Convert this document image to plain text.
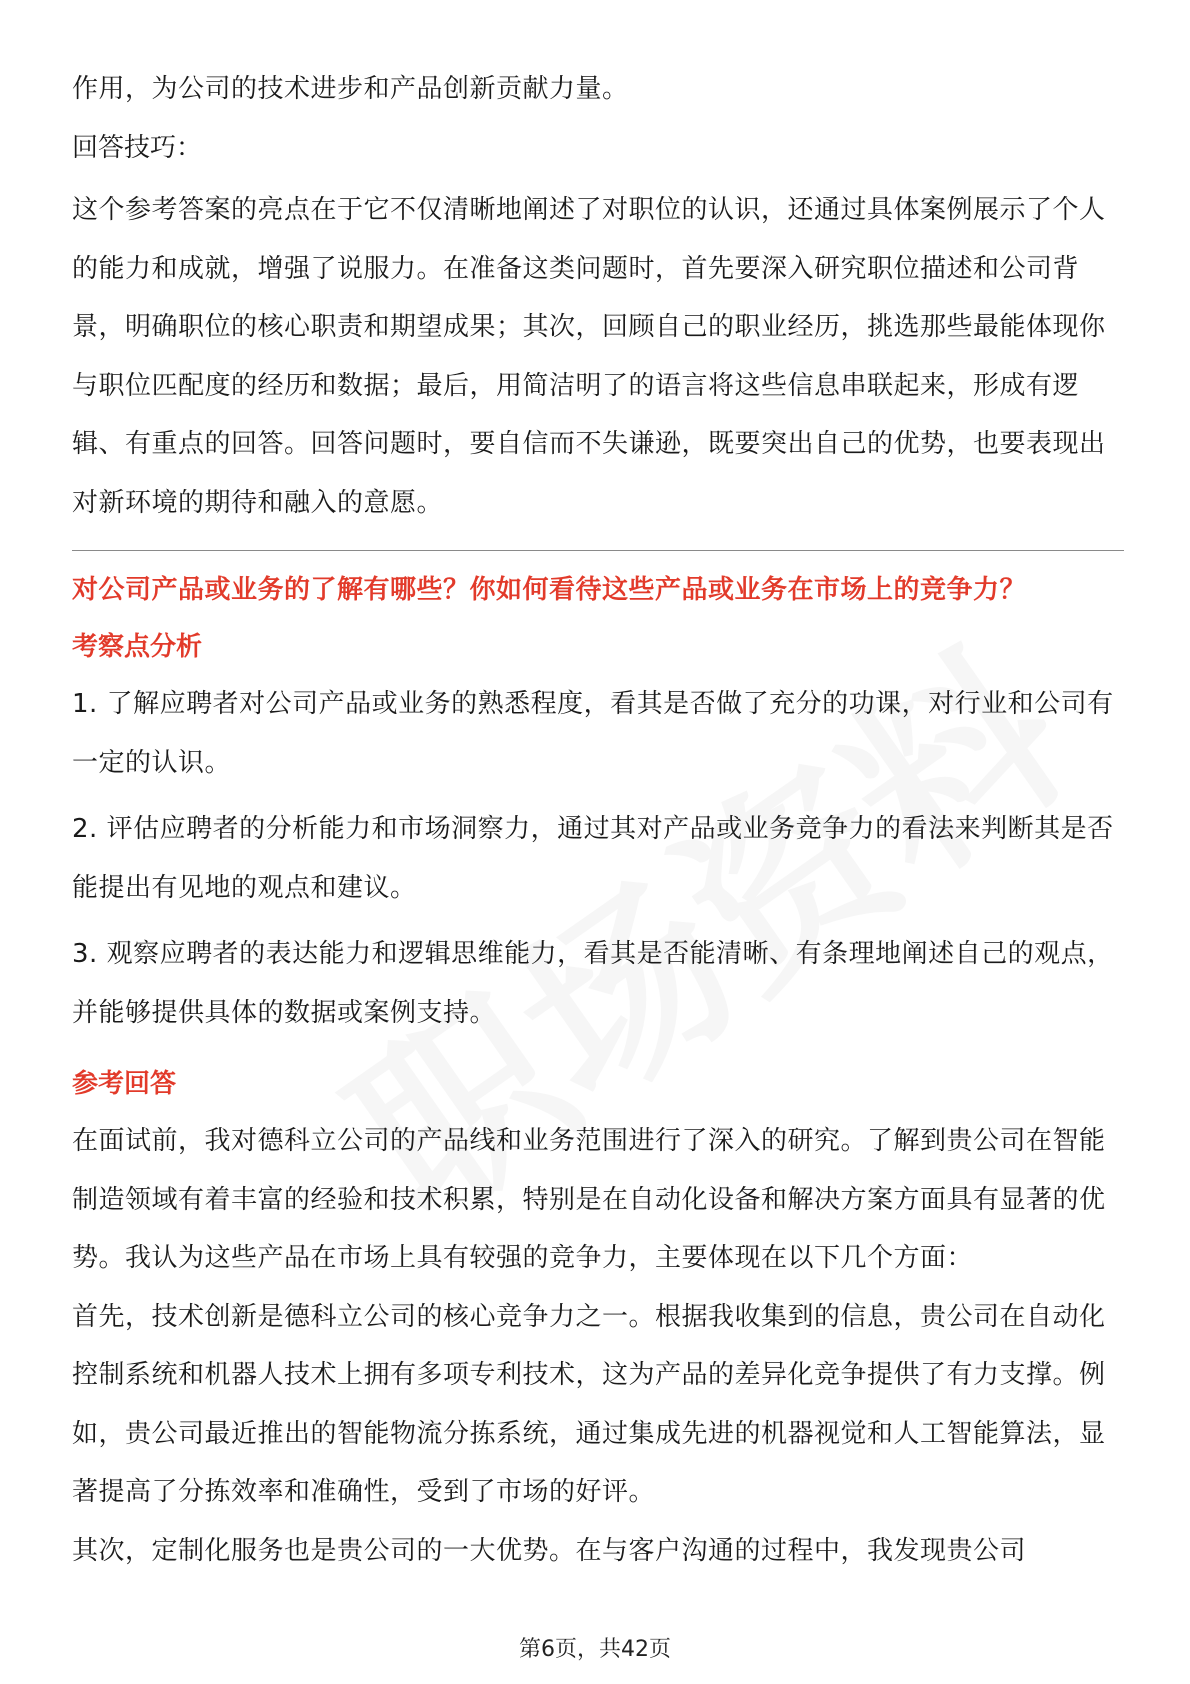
作用，为公司的技术进步和产品创新贡献力量。

回答技巧：

这个参考答案的亮点在于它不仅清晰地阐述了对职位的认识，还通过具体案例展示了个人的能力和成就，增强了说服力。在准备这类问题时，首先要深入研究职位描述和公司背景，明确职位的核心职责和期望成果；其次，回顾自己的职业经历，挑选那些最能体现你与职位匹配度的经历和数据；最后，用简洁明了的语言将这些信息串联起来，形成有逻辑、有重点的回答。回答问题时，要自信而不失谦逊，既要突出自己的优势，也要表现出对新环境的期待和融入的意愿。

对公司产品或业务的了解有哪些？你如何看待这些产品或业务在市场上的竞争力？

考察点分析

1. 了解应聘者对公司产品或业务的熟悉程度，看其是否做了充分的功课，对行业和公司有一定的认识。

2. 评估应聘者的分析能力和市场洞察力，通过其对产品或业务竞争力的看法来判断其是否能提出有见地的观点和建议。

3. 观察应聘者的表达能力和逻辑思维能力，看其是否能清晰、有条理地阐述自己的观点，并能够提供具体的数据或案例支持。

参考回答

在面试前，我对德科立公司的产品线和业务范围进行了深入的研究。了解到贵公司在智能制造领域有着丰富的经验和技术积累，特别是在自动化设备和解决方案方面具有显著的优势。我认为这些产品在市场上具有较强的竞争力，主要体现在以下几个方面：

首先，技术创新是德科立公司的核心竞争力之一。根据我收集到的信息，贵公司在自动化控制系统和机器人技术上拥有多项专利技术，这为产品的差异化竞争提供了有力支撑。例如，贵公司最近推出的智能物流分拣系统，通过集成先进的机器视觉和人工智能算法，显著提高了分拣效率和准确性，受到了市场的好评。

其次，定制化服务也是贵公司的一大优势。在与客户沟通的过程中，我发现贵公司

第6页，共42页
